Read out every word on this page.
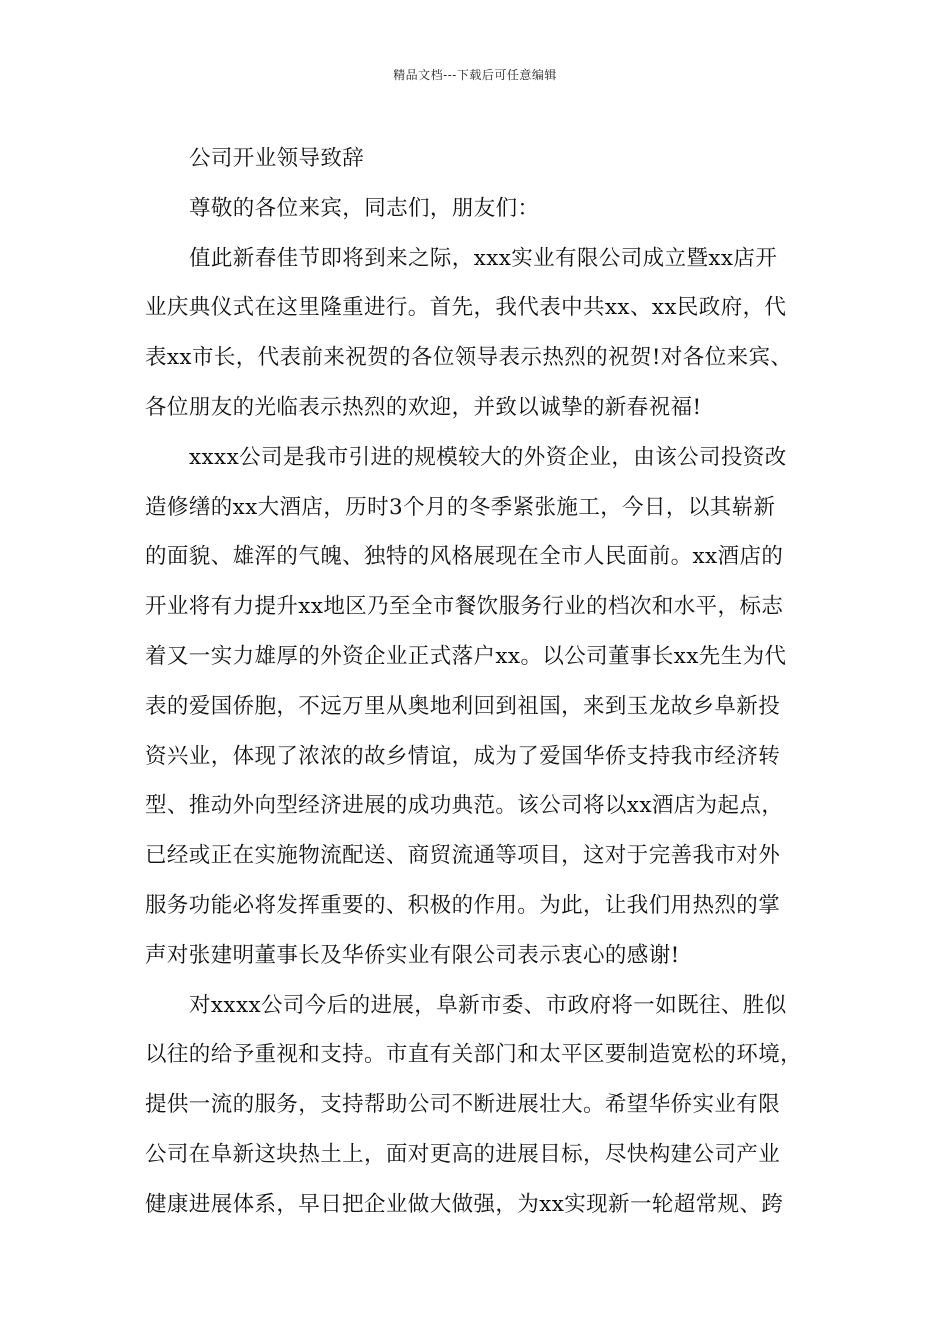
精品文档---下载后可任意编辑
公司开业领导致辞
尊敬的各位来宾，同志们，朋友们：
值此新春佳节即将到来之际，xxx实业有限公司成立暨xx店开
业庆典仪式在这里隆重进行。首先，我代表中共xx、xx民政府，代
表xx市长，代表前来祝贺的各位领导表示热烈的祝贺!对各位来宾、
各位朋友的光临表示热烈的欢迎，并致以诚挚的新春祝福!
xxxx公司是我市引进的规模较大的外资企业，由该公司投资改
造修缮的xx大酒店，历时3个月的冬季紧张施工，今日，以其崭新
的面貌、雄浑的气魄、独特的风格展现在全市人民面前。xx酒店的
开业将有力提升xx地区乃至全市餐饮服务行业的档次和水平，标志
着又一实力雄厚的外资企业正式落户xx。以公司董事长xx先生为代
表的爱国侨胞，不远万里从奥地利回到祖国，来到玉龙故乡阜新投
资兴业，体现了浓浓的故乡情谊，成为了爱国华侨支持我市经济转
型、推动外向型经济进展的成功典范。该公司将以xx酒店为起点，
已经或正在实施物流配送、商贸流通等项目，这对于完善我市对外
服务功能必将发挥重要的、积极的作用。为此，让我们用热烈的掌
声对张建明董事长及华侨实业有限公司表示衷心的感谢!
对xxxx公司今后的进展，阜新市委、市政府将一如既往、胜似
以往的给予重视和支持。市直有关部门和太平区要制造宽松的环境，
提供一流的服务，支持帮助公司不断进展壮大。希望华侨实业有限
公司在阜新这块热土上，面对更高的进展目标，尽快构建公司产业
健康进展体系，早日把企业做大做强，为xx实现新一轮超常规、跨
